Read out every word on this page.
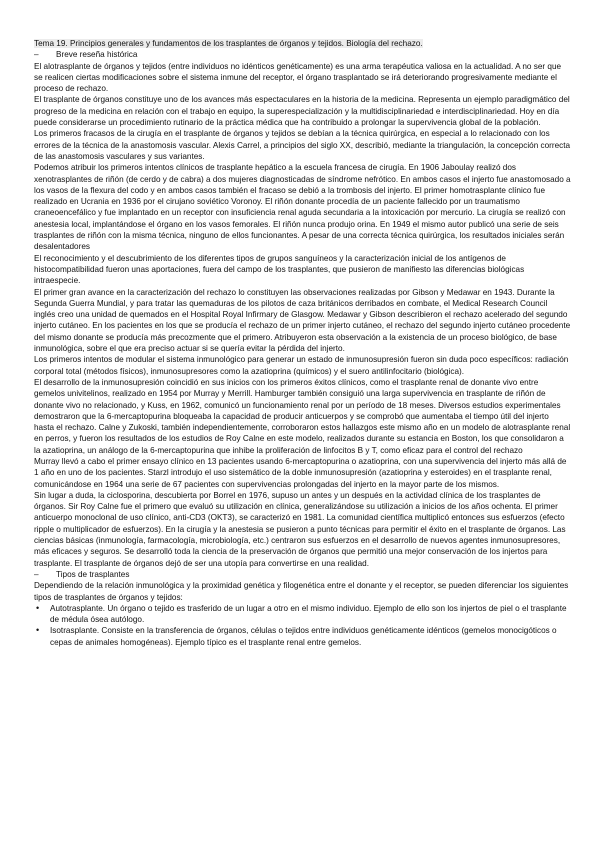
Tema 19. Principios generales y fundamentos de los trasplantes de órganos y tejidos. Biología del rechazo.

– Breve reseña histórica

El alotrasplante de órganos y tejidos (entre individuos no idénticos genéticamente) es una arma terapéutica valiosa en la actualidad. A no ser que se realicen ciertas modificaciones sobre el sistema inmune del receptor, el órgano trasplantado se irá deteriorando progresivamente mediante el proceso de rechazo.

El trasplante de órganos constituye uno de los avances más espectaculares en la historia de la medicina. Representa un ejemplo paradigmático del progreso de la medicina en relación con el trabajo en equipo, la superespecialización y la multidisciplinariedad e interdisciplinariedad. Hoy en día puede considerarse un procedimiento rutinario de la práctica médica que ha contribuido a prolongar la supervivencia global de la población.

Los primeros fracasos de la cirugía en el trasplante de órganos y tejidos se debían a la técnica quirúrgica, en especial a lo relacionado con los errores de la técnica de la anastomosis vascular. Alexis Carrel, a principios del siglo XX, describió, mediante la triangulación, la concepción correcta de las anastomosis vasculares y sus variantes.

Podemos atribuir los primeros intentos clínicos de trasplante hepático a la escuela francesa de cirugía. En 1906 Jaboulay realizó dos xenotrasplantes de riñón (de cerdo y de cabra) a dos mujeres diagnosticadas de síndrome nefrótico. En ambos casos el injerto fue anastomosado a los vasos de la flexura del codo y en ambos casos también el fracaso se debió a la trombosis del injerto. El primer homotrasplante clínico fue realizado en Ucrania en 1936 por el cirujano soviético Voronoy. El riñón donante procedía de un paciente fallecido por un traumatismo craneoencefálico y fue implantado en un receptor con insuficiencia renal aguda secundaria a la intoxicación por mercurio. La cirugía se realizó con anestesia local, implantándose el órgano en los vasos femorales. El riñón nunca produjo orina. En 1949 el mismo autor publicó una serie de seis trasplantes de riñón con la misma técnica, ninguno de ellos funcionantes. A pesar de una correcta técnica quirúrgica, los resultados iniciales serán desalentadores

El reconocimiento y el descubrimiento de los diferentes tipos de grupos sanguíneos y la caracterización inicial de los antígenos de histocompatibilidad fueron unas aportaciones, fuera del campo de los trasplantes, que pusieron de manifiesto las diferencias biológicas intraespecie.

El primer gran avance en la caracterización del rechazo lo constituyen las observaciones realizadas por Gibson y Medawar en 1943. Durante la Segunda Guerra Mundial, y para tratar las quemaduras de los pilotos de caza británicos derribados en combate, el Medical Research Council inglés creo una unidad de quemados en el Hospital Royal Infirmary de Glasgow. Medawar y Gibson describieron el rechazo acelerado del segundo injerto cutáneo. En los pacientes en los que se producía el rechazo de un primer injerto cutáneo, el rechazo del segundo injerto cutáneo procedente del mismo donante se producía más precozmente que el primero. Atribuyeron esta observación a la existencia de un proceso biológico, de base inmunológica, sobre el que era preciso actuar si se quería evitar la pérdida del injerto.

Los primeros intentos de modular el sistema inmunológico para generar un estado de inmunosupresión fueron sin duda poco específicos: radiación corporal total (métodos físicos), inmunosupresores como la azatioprina (químicos) y el suero antilinfocitario (biológica).

El desarrollo de la inmunosupresión coincidió en sus inicios con los primeros éxitos clínicos, como el trasplante renal de donante vivo entre gemelos univitelinos, realizado en 1954 por Murray y Merrill. Hamburger también consiguió una larga supervivencia en trasplante de riñón de donante vivo no relacionado, y Kuss, en 1962, comunicó un funcionamiento renal por un período de 18 meses. Diversos estudios experimentales demostraron que la 6-mercaptopurina bloqueaba la capacidad de producir anticuerpos y se comprobó que aumentaba el tiempo útil del injerto hasta el rechazo. Calne y Zukoski, también independientemente, corroboraron estos hallazgos este mismo año en un modelo de alotrasplante renal en perros, y fueron los resultados de los estudios de Roy Calne en este modelo, realizados durante su estancia en Boston, los que consolidaron a la azatioprina, un análogo de la 6-mercaptopurina que inhibe la proliferación de linfocitos B y T, como eficaz para el control del rechazo

Murray llevó a cabo el primer ensayo clínico en 13 pacientes usando 6-mercaptopurina o azatioprina, con una supervivencia del injerto más allá de 1 año en uno de los pacientes. Starzl introdujo el uso sistemático de la doble inmunosupresión (azatioprina y esteroides) en el trasplante renal, comunicándose en 1964 una serie de 67 pacientes con supervivencias prolongadas del injerto en la mayor parte de los mismos.

Sin lugar a duda, la ciclosporina, descubierta por Borrel en 1976, supuso un antes y un después en la actividad clínica de los trasplantes de órganos. Sir Roy Calne fue el primero que evaluó su utilización en clínica, generalizándose su utilización a inicios de los años ochenta. El primer anticuerpo monoclonal de uso clínico, anti-CD3 (OKT3), se caracterizó en 1981. La comunidad científica multiplicó entonces sus esfuerzos (efecto ripple o multiplicador de esfuerzos). En la cirugía y la anestesia se pusieron a punto técnicas para permitir el éxito en el trasplante de órganos. Las ciencias básicas (inmunología, farmacología, microbiología, etc.) centraron sus esfuerzos en el desarrollo de nuevos agentes inmunosupresores, más eficaces y seguros. Se desarrolló toda la ciencia de la preservación de órganos que permitió una mejor conservación de los injertos para trasplante. El trasplante de órganos dejó de ser una utopía para convertirse en una realidad.

– Tipos de trasplantes

Dependiendo de la relación inmunológica y la proximidad genética y filogenética entre el donante y el receptor, se pueden diferenciar los siguientes tipos de trasplantes de órganos y tejidos:

• Autotrasplante. Un órgano o tejido es trasferido de un lugar a otro en el mismo individuo. Ejemplo de ello son los injertos de piel o el trasplante de médula ósea autólogo.
• Isotrasplante. Consiste en la transferencia de órganos, células o tejidos entre individuos genéticamente idénticos (gemelos monocigóticos o cepas de animales homogéneas). Ejemplo típico es el trasplante renal entre gemelos.
